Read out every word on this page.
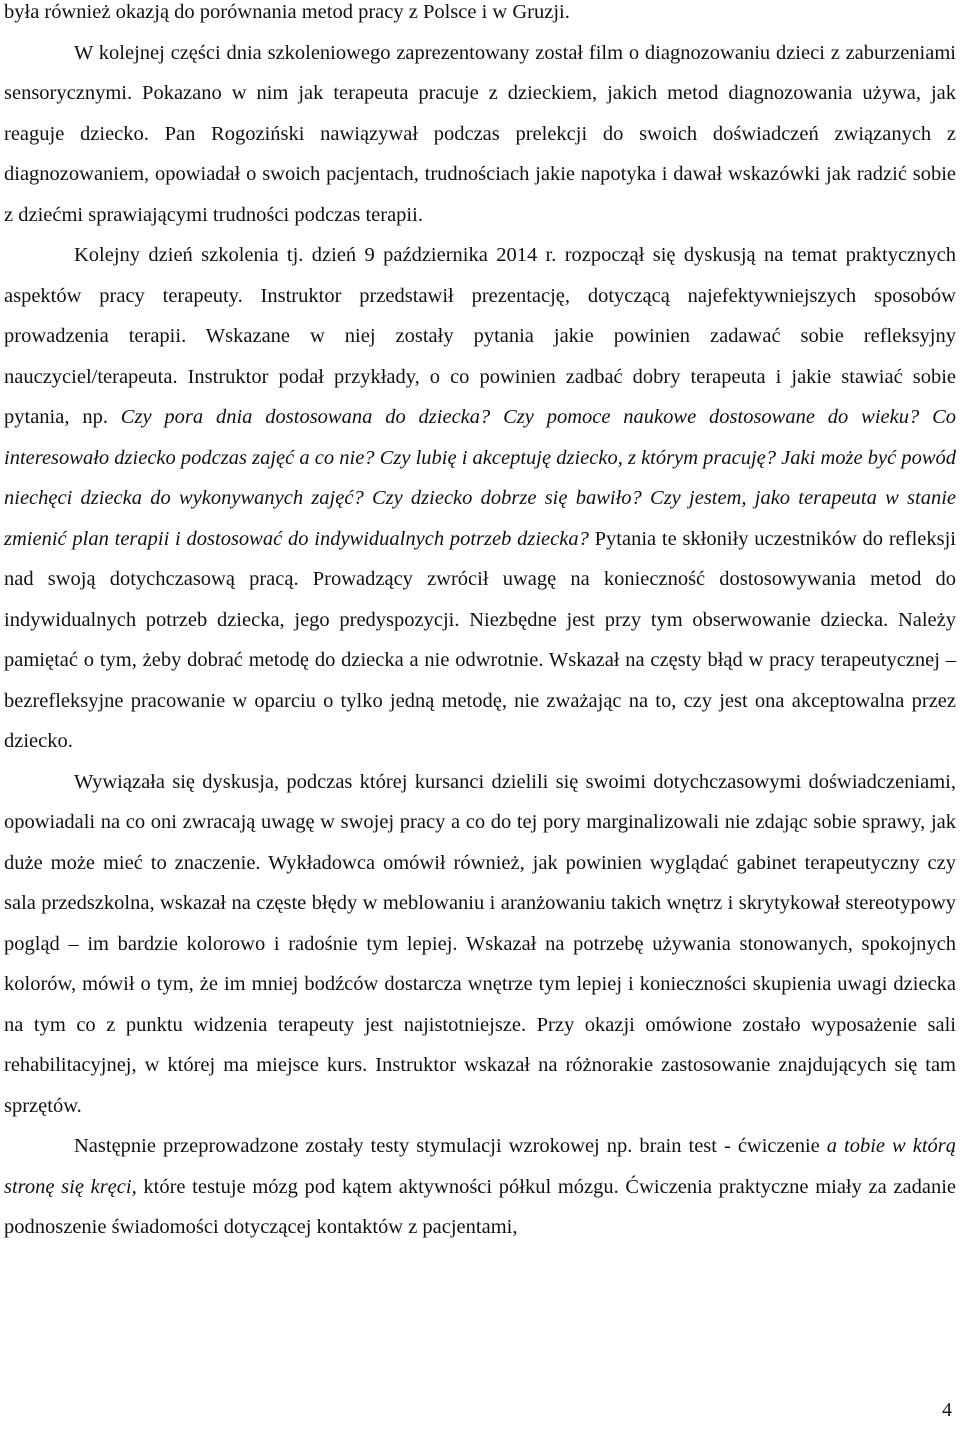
była również okazją do porównania metod pracy z Polsce i w Gruzji.

W kolejnej części dnia szkoleniowego zaprezentowany został film o diagnozowaniu dzieci z zaburzeniami sensorycznymi. Pokazano w nim jak terapeuta pracuje z dzieckiem, jakich metod diagnozowania używa, jak reaguje dziecko. Pan Rogoziński nawiązywał podczas prelekcji do swoich doświadczeń związanych z diagnozowaniem, opowiadał o swoich pacjentach, trudnościach jakie napotyka i dawał wskazówki jak radzić sobie z dziećmi sprawiającymi trudności podczas terapii.

Kolejny dzień szkolenia tj. dzień 9 października 2014 r. rozpoczął się dyskusją na temat praktycznych aspektów pracy terapeuty. Instruktor przedstawił prezentację, dotyczącą najefektywniejszych sposobów prowadzenia terapii. Wskazane w niej zostały pytania jakie powinien zadawać sobie refleksyjny nauczyciel/terapeuta. Instruktor podał przykłady, o co powinien zadbać dobry terapeuta i jakie stawiać sobie pytania, np. Czy pora dnia dostosowana do dziecka? Czy pomoce naukowe dostosowane do wieku? Co interesowało dziecko podczas zajęć a co nie? Czy lubię i akceptuję dziecko, z którym pracuję? Jaki może być powód niechęci dziecka do wykonywanych zajęć? Czy dziecko dobrze się bawiło? Czy jestem, jako terapeuta w stanie zmienić plan terapii i dostosować do indywidualnych potrzeb dziecka? Pytania te skłoniły uczestników do refleksji nad swoją dotychczasową pracą. Prowadzący zwrócił uwagę na konieczność dostosowywania metod do indywidualnych potrzeb dziecka, jego predyspozycji. Niezbędne jest przy tym obserwowanie dziecka. Należy pamiętać o tym, żeby dobrać metodę do dziecka a nie odwrotnie. Wskazał na częsty błąd w pracy terapeutycznej – bezrefleksyjne pracowanie w oparciu o tylko jedną metodę, nie zważając na to, czy jest ona akceptowalna przez dziecko.

Wywiązała się dyskusja, podczas której kursanci dzielili się swoimi dotychczasowymi doświadczeniami, opowiadali na co oni zwracają uwagę w swojej pracy a co do tej pory marginalizowali nie zdając sobie sprawy, jak duże może mieć to znaczenie. Wykładowca omówił również, jak powinien wyglądać gabinet terapeutyczny czy sala przedszkolna, wskazał na częste błędy w meblowaniu i aranżowaniu takich wnętrz i skrytykował stereotypowy pogląd – im bardzie kolorowo i radośnie tym lepiej. Wskazał na potrzebę używania stonowanych, spokojnych kolorów, mówił o tym, że im mniej bodźców dostarcza wnętrze tym lepiej i konieczności skupienia uwagi dziecka na tym co z punktu widzenia terapeuty jest najistotniejsze. Przy okazji omówione zostało wyposażenie sali rehabilitacyjnej, w której ma miejsce kurs. Instruktor wskazał na różnorakie zastosowanie znajdujących się tam sprzętów.

Następnie przeprowadzone zostały testy stymulacji wzrokowej np. brain test - ćwiczenie a tobie w którą stronę się kręci, które testuje mózg pod kątem aktywności półkul mózgu. Ćwiczenia praktyczne miały za zadanie podnoszenie świadomości dotyczącej kontaktów z pacjentami,

4
